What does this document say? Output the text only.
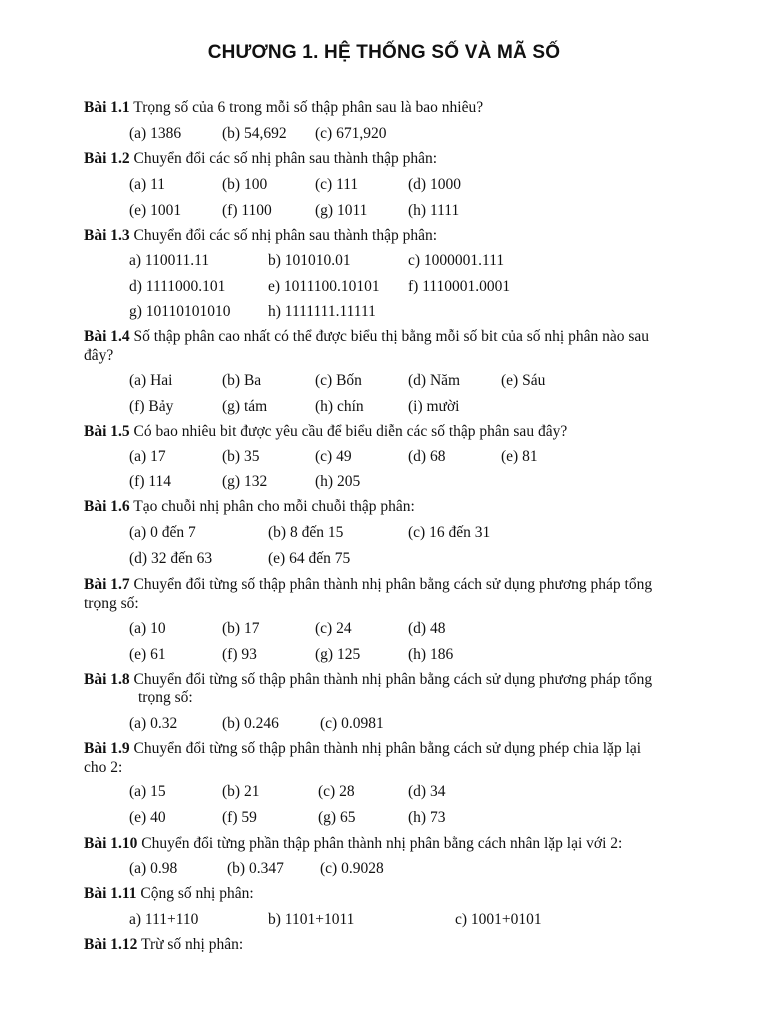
CHƯƠNG 1. HỆ THỐNG SỐ VÀ MÃ SỐ
Bài 1.1 Trọng số của 6 trong mỗi số thập phân sau là bao nhiêu?
(a) 1386	(b) 54,692 (c) 671,920
Bài 1.2 Chuyển đổi các số nhị phân sau thành thập phân:
(a) 11	(b) 100	(c) 111	(d) 1000
(e) 1001	(f) 1100	(g) 1011	(h) 1111
Bài 1.3 Chuyển đổi các số nhị phân sau thành thập phân:
a) 110011.11	b) 101010.01	c) 1000001.111
d) 1111000.101	e) 1011100.10101 f) 1110001.0001
g) 10110101010 h) 1111111.11111
Bài 1.4 Số thập phân cao nhất có thể được biểu thị bằng mỗi số bit của số nhị phân nào sau
đây?
(a) Hai	(b) Ba	(c) Bốn	(d) Năm	(e) Sáu
(f) Bảy	(g) tám	(h) chín	(i) mười
Bài 1.5 Có bao nhiêu bit được yêu cầu để biểu diễn các số thập phân sau đây?
(a) 17	(b) 35	(c) 49	(d) 68	(e) 81
(f) 114	(g) 132	(h) 205
Bài 1.6 Tạo chuỗi nhị phân cho mỗi chuỗi thập phân:
(a) 0 đến 7	(b) 8 đến 15	(c) 16 đến 31
(d) 32 đến 63	(e) 64 đến 75
Bài 1.7 Chuyển đổi từng số thập phân thành nhị phân bằng cách sử dụng phương pháp tổng
trọng số:
(a) 10	(b) 17	(c) 24	(d) 48
(e) 61	(f) 93	(g) 125	(h) 186
Bài 1.8 Chuyển đổi từng số thập phân thành nhị phân bằng cách sử dụng phương pháp tổng
trọng số:
(a) 0.32	(b) 0.246	(c) 0.0981
Bài 1.9 Chuyển đổi từng số thập phân thành nhị phân bằng cách sử dụng phép chia lặp lại
cho 2:
(a) 15	(b) 21	(c) 28	(d) 34
(e) 40	(f) 59	(g) 65	(h) 73
Bài 1.10 Chuyển đổi từng phần thập phân thành nhị phân bằng cách nhân lặp lại với 2:
(a) 0.98	(b) 0.347 (c) 0.9028
Bài 1.11 Cộng số nhị phân:
a) 111+110	b) 1101+1011	c) 1001+0101
Bài 1.12 Trừ số nhị phân:
